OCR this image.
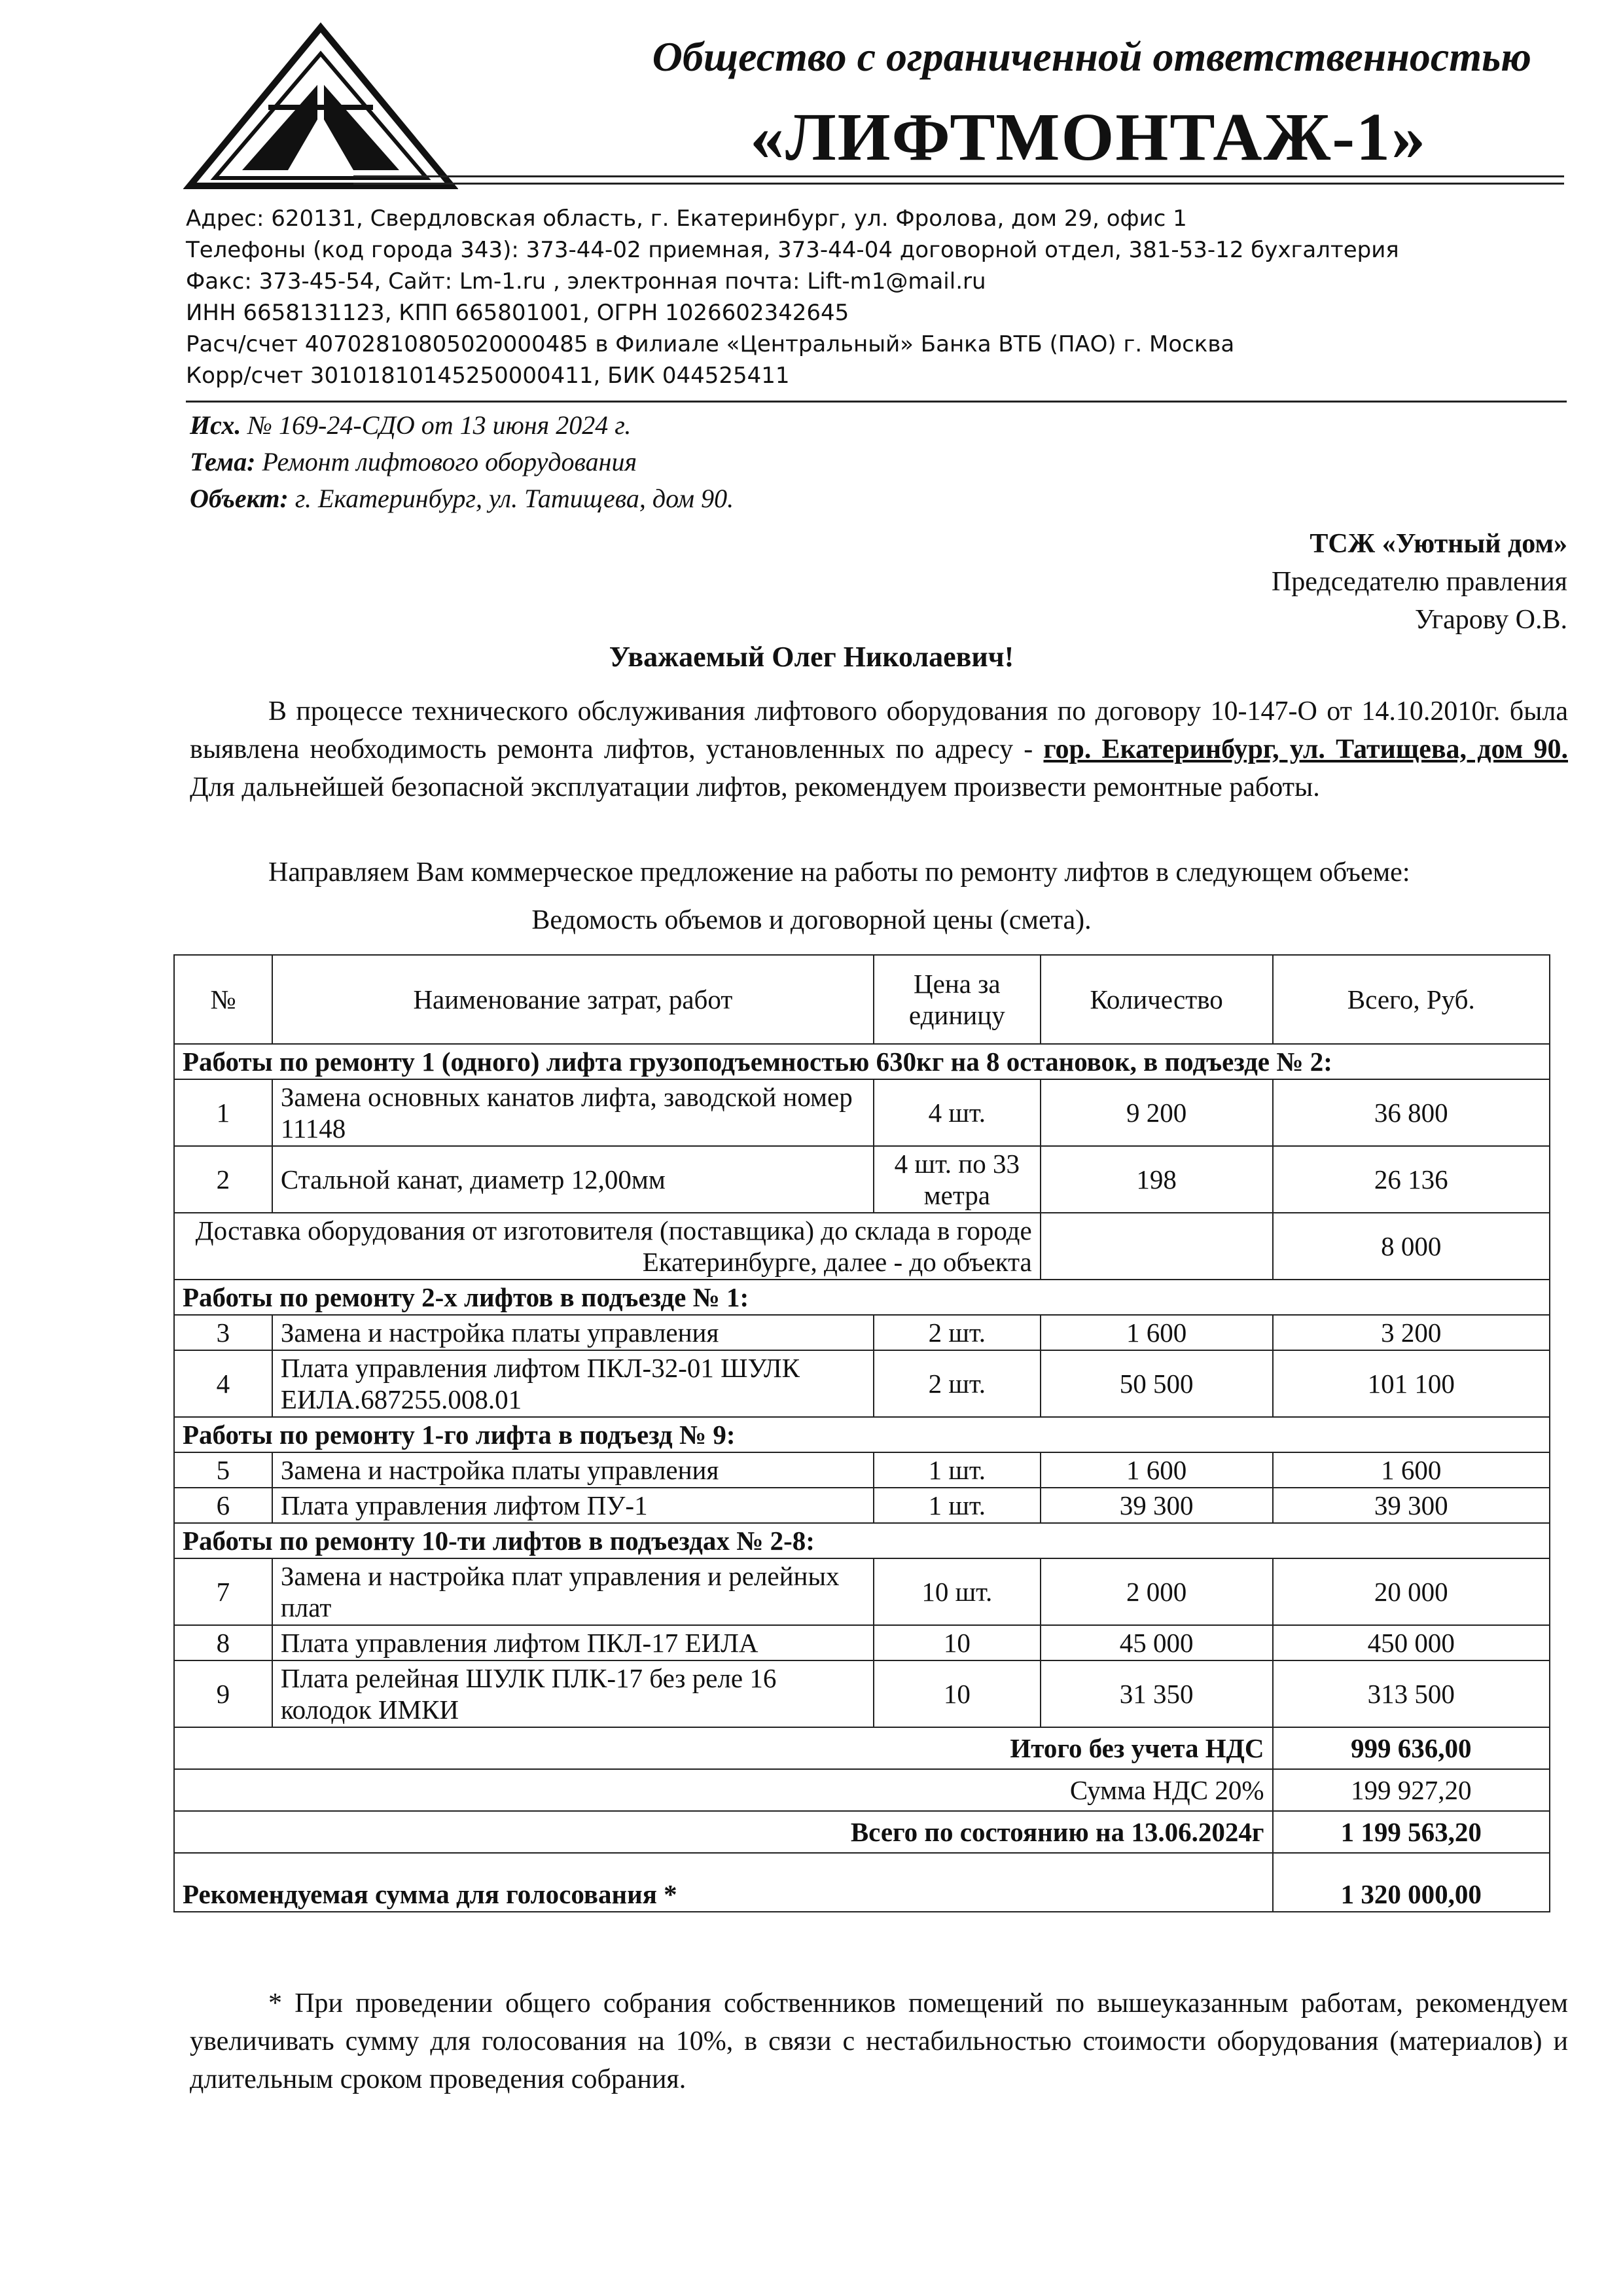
Общество с ограниченной ответственностью
«ЛИФТМОНТАЖ-1»
Адрес: 620131, Свердловская область, г. Екатеринбург, ул. Фролова, дом 29, офис 1
Телефоны (код города 343): 373-44-02 приемная, 373-44-04 договорной отдел, 381-53-12 бухгалтерия
Факс: 373-45-54, Сайт: Lm-1.ru , электронная почта: Lift-m1@mail.ru
ИНН 6658131123, КПП 665801001, ОГРН 1026602342645
Расч/счет 40702810805020000485 в Филиале «Центральный» Банка ВТБ (ПАО) г. Москва
Корр/счет 30101810145250000411, БИК 044525411
Исх. № 169-24-СДО от 13 июня 2024 г.
Тема: Ремонт лифтового оборудования
Объект: г. Екатеринбург, ул. Татищева, дом 90.
ТСЖ «Уютный дом»
Председателю правления
Угарову О.В.
Уважаемый Олег Николаевич!

В процессе технического обслуживания лифтового оборудования по договору 10-147-О от 14.10.2010г. была выявлена необходимость ремонта лифтов, установленных по адресу - гор. Екатеринбург, ул. Татищева, дом 90. Для дальнейшей безопасной эксплуатации лифтов, рекомендуем произвести ремонтные работы.

Направляем Вам коммерческое предложение на работы по ремонту лифтов в следующем объеме:
Ведомость объемов и договорной цены (смета).
№	Наименование затрат, работ	Цена за единицу	Количество	Всего, Руб.
Работы по ремонту 1 (одного) лифта грузоподъемностью 630кг на 8 остановок, в подъезде № 2:				
1	Замена основных канатов лифта, заводской номер 11148	4 шт.	9 200	36 800
2	Стальной канат, диаметр 12,00мм	4 шт. по 33 метра	198	26 136
Доставка оборудования от изготовителя (поставщика) до склада в городе Екатеринбурге, далее - до объекта				8 000
Работы по ремонту 2-х лифтов в подъезде № 1:				
3	Замена и настройка платы управления	2 шт.	1 600	3 200
4	Плата управления лифтом ПКЛ-32-01 ШУЛК ЕИЛА.687255.008.01	2 шт.	50 500	101 100
Работы по ремонту 1-го лифта в подъезд № 9:				
5	Замена и настройка платы управления	1 шт.	1 600	1 600
6	Плата управления лифтом ПУ-1	1 шт.	39 300	39 300
Работы по ремонту 10-ти лифтов в подъездах № 2-8:				
7	Замена и настройка плат управления и релейных плат	10 шт.	2 000	20 000
8	Плата управления лифтом ПКЛ-17 ЕИЛА	10	45 000	450 000
9	Плата релейная ШУЛК ПЛК-17 без реле 16 колодок ИМКИ	10	31 350	313 500
Итого без учета НДС				999 636,00
Сумма НДС 20%				199 927,20
Всего по состоянию на 13.06.2024г				1 199 563,20
Рекомендуемая сумма для голосования *				1 320 000,00
* При проведении общего собрания собственников помещений по вышеуказанным работам, рекомендуем увеличивать сумму для голосования на 10%, в связи с нестабильностью стоимости оборудования (материалов) и длительным сроком проведения собрания.
